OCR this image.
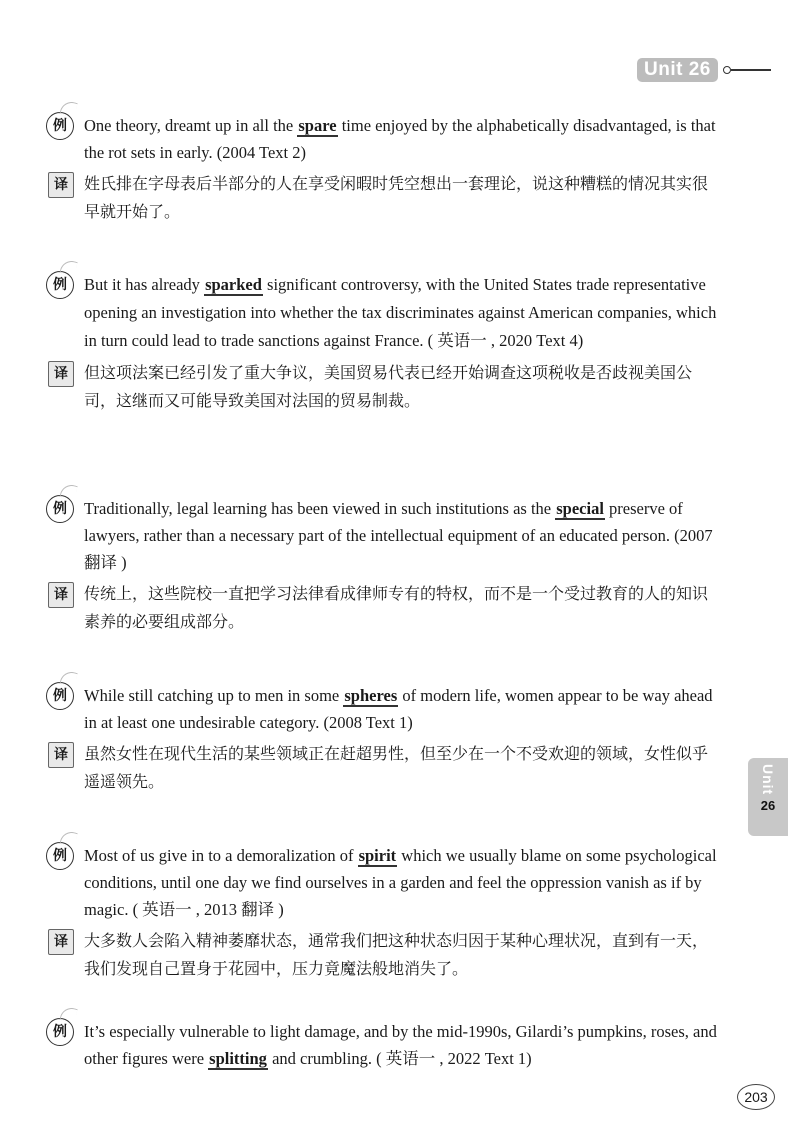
Unit 26
Unit
26
例	One theory, dreamt up in all the spare time enjoyed by the alphabetically disadvantaged, is that the rot sets in early. (2004 Text 2)
译	姓氏排在字母表后半部分的人在享受闲暇时凭空想出一套理论，说这种糟糕的情况其实很早就开始了。
例	But it has already sparked significant controversy, with the United States trade representative opening an investigation into whether the tax discriminates against American companies, which in turn could lead to trade sanctions against France. ( 英语一 , 2020 Text 4)
译	但这项法案已经引发了重大争议，美国贸易代表已经开始调查这项税收是否歧视美国公司，这继而又可能导致美国对法国的贸易制裁。
例	Traditionally, legal learning has been viewed in such institutions as the special preserve of lawyers, rather than a necessary part of the intellectual equipment of an educated person. (2007 翻译 )
译	传统上，这些院校一直把学习法律看成律师专有的特权，而不是一个受过教育的人的知识素养的必要组成部分。
例	While still catching up to men in some spheres of modern life, women appear to be way ahead in at least one undesirable category. (2008 Text 1)
译	虽然女性在现代生活的某些领域正在赶超男性，但至少在一个不受欢迎的领域，女性似乎遥遥领先。
例	Most of us give in to a demoralization of spirit which we usually blame on some psychological conditions, until one day we find ourselves in a garden and feel the oppression vanish as if by magic. ( 英语一 , 2013 翻译 )
译	大多数人会陷入精神萎靡状态，通常我们把这种状态归因于某种心理状况，直到有一天，我们发现自己置身于花园中，压力竟魔法般地消失了。
例	It’s especially vulnerable to light damage, and by the mid-1990s, Gilardi’s pumpkins, roses, and other figures were splitting and crumbling. ( 英语一 , 2022 Text 1)
203
